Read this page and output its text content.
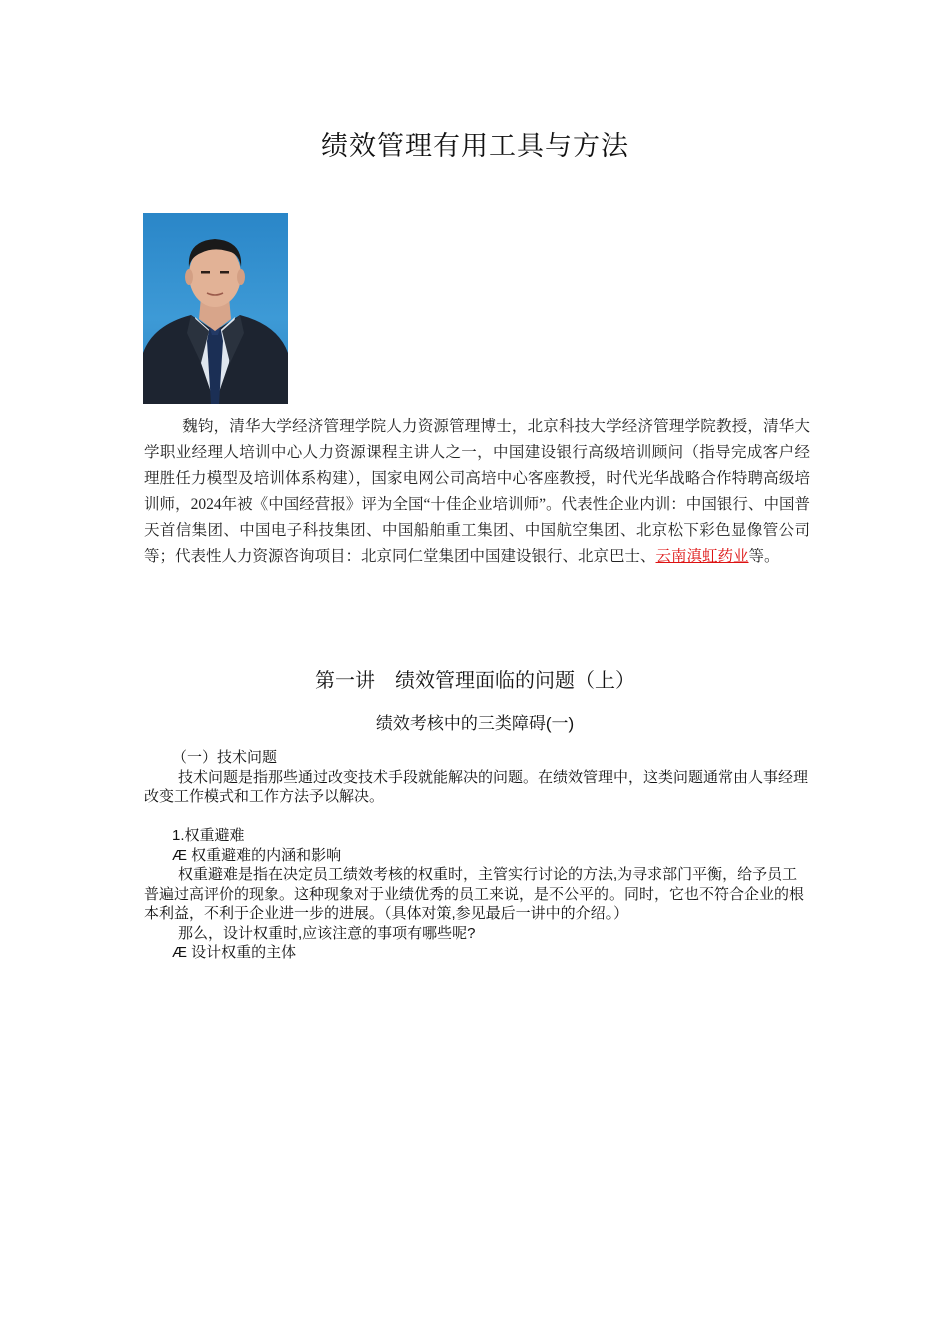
绩效管理有用工具与方法
魏钧，清华大学经济管理学院人力资源管理博士，北京科技大学经济管理学院教授，清华大学职业经理人培训中心人力资源课程主讲人之一，中国建设银行高级培训顾问（指导完成客户经理胜任力模型及培训体系构建），国家电网公司高培中心客座教授，时代光华战略合作特聘高级培训师，2024年被《中国经营报》评为全国“十佳企业培训师”。代表性企业内训：中国银行、中国普天首信集团、中国电子科技集团、中国船舶重工集团、中国航空集团、北京松下彩色显像管公司等；代表性人力资源咨询项目：北京同仁堂集团中国建设银行、北京巴士、云南滇虹药业等。
第一讲　绩效管理面临的问题（上）
绩效考核中的三类障碍(一)

（一）技术问题

技术问题是指那些通过改变技术手段就能解决的问题。在绩效管理中，这类问题通常由人事经理改变工作模式和工作方法予以解决。

1.权重避难

Æ 权重避难的内涵和影响

权重避难是指在决定员工绩效考核的权重时，主管实行讨论的方法,为寻求部门平衡，给予员工普遍过高评价的现象。这种现象对于业绩优秀的员工来说，是不公平的。同时，它也不符合企业的根本利益，不利于企业进一步的进展。（具体对策,参见最后一讲中的介绍。）

那么，设计权重时,应该注意的事项有哪些呢?

Æ 设计权重的主体
